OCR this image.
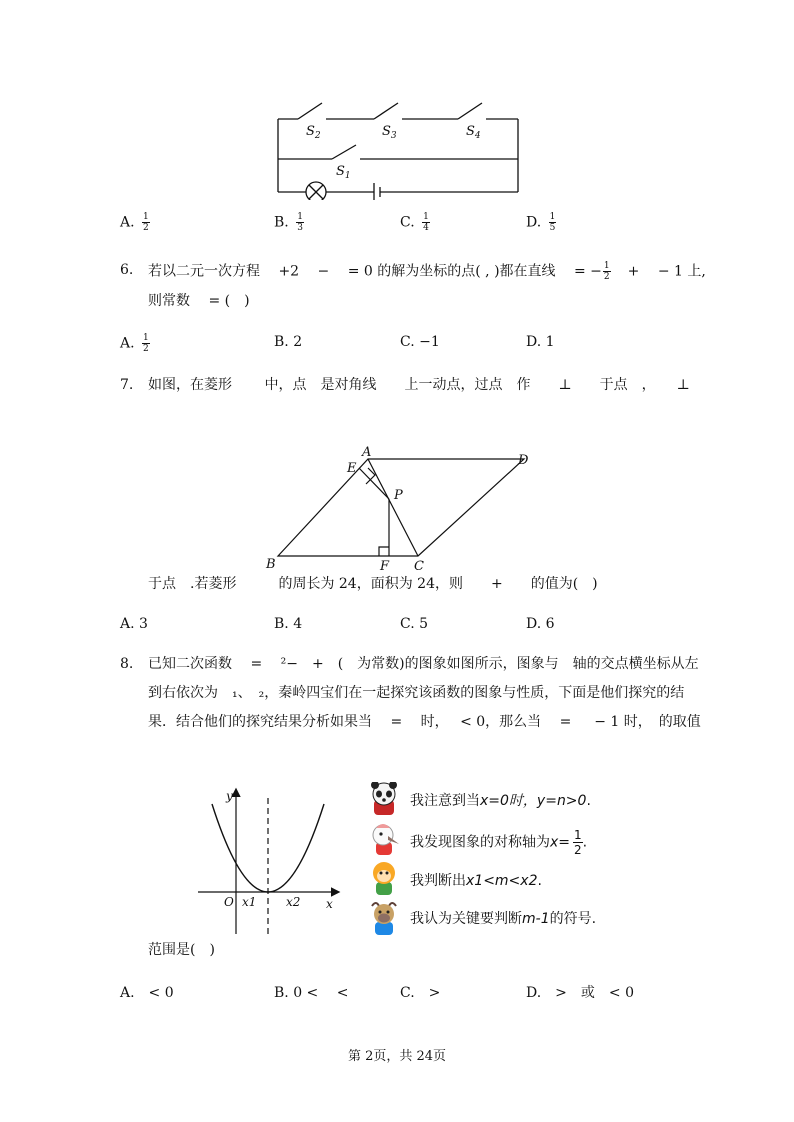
$S_2$	$S_3$	$S_4$
$S_1$
A. $\frac{1}{2}$	B. $\frac{1}{3}$	C. $\frac{1}{4}$	D. $\frac{1}{5}$
6. 若以二元一次方程 　+2　 −　 = 0 的解为坐标的点( , )都在直线　 = − $\frac{1}{2}$ 　+　 − 1 上,
则常数　 = (　)
A. $\frac{1}{2}$	B. 2	C. −1	D. 1
7. 如图，在菱形　　 中，点　是对角线　　上一动点，过点　作　　⊥　　于点　，　　⊥
A
E
D
P
B	F C
于点　.若菱形　　　的周长为 24，面积为 24，则　　+　　的值为(　)
A. 3	B. 4	C. 5	D. 6
8. 已知二次函数　 = 　²−　+　(　为常数)的图象如图所示，图象与　轴的交点横坐标从左
到右依次为　₁、　₂，秦岭四宝们在一起探究该函数的图象与性质，下面是他们探究的结
果．结合他们的探究结果分析如果当　 = 　时，　 < 0，那么当　 = 　 − 1 时，　的取值
y
x
O x1 x2
我注意到当x=0时，y=n>0.
我发现图象的对称轴为$x= \frac{1}{2}$ .
我判断出x1<m<x2.
我认为关键要判断m-1的符号.
范围是(　)
A.　< 0	B. 0 <　 <	C.　>	D.　>　或　< 0
第 2页，共 24页
